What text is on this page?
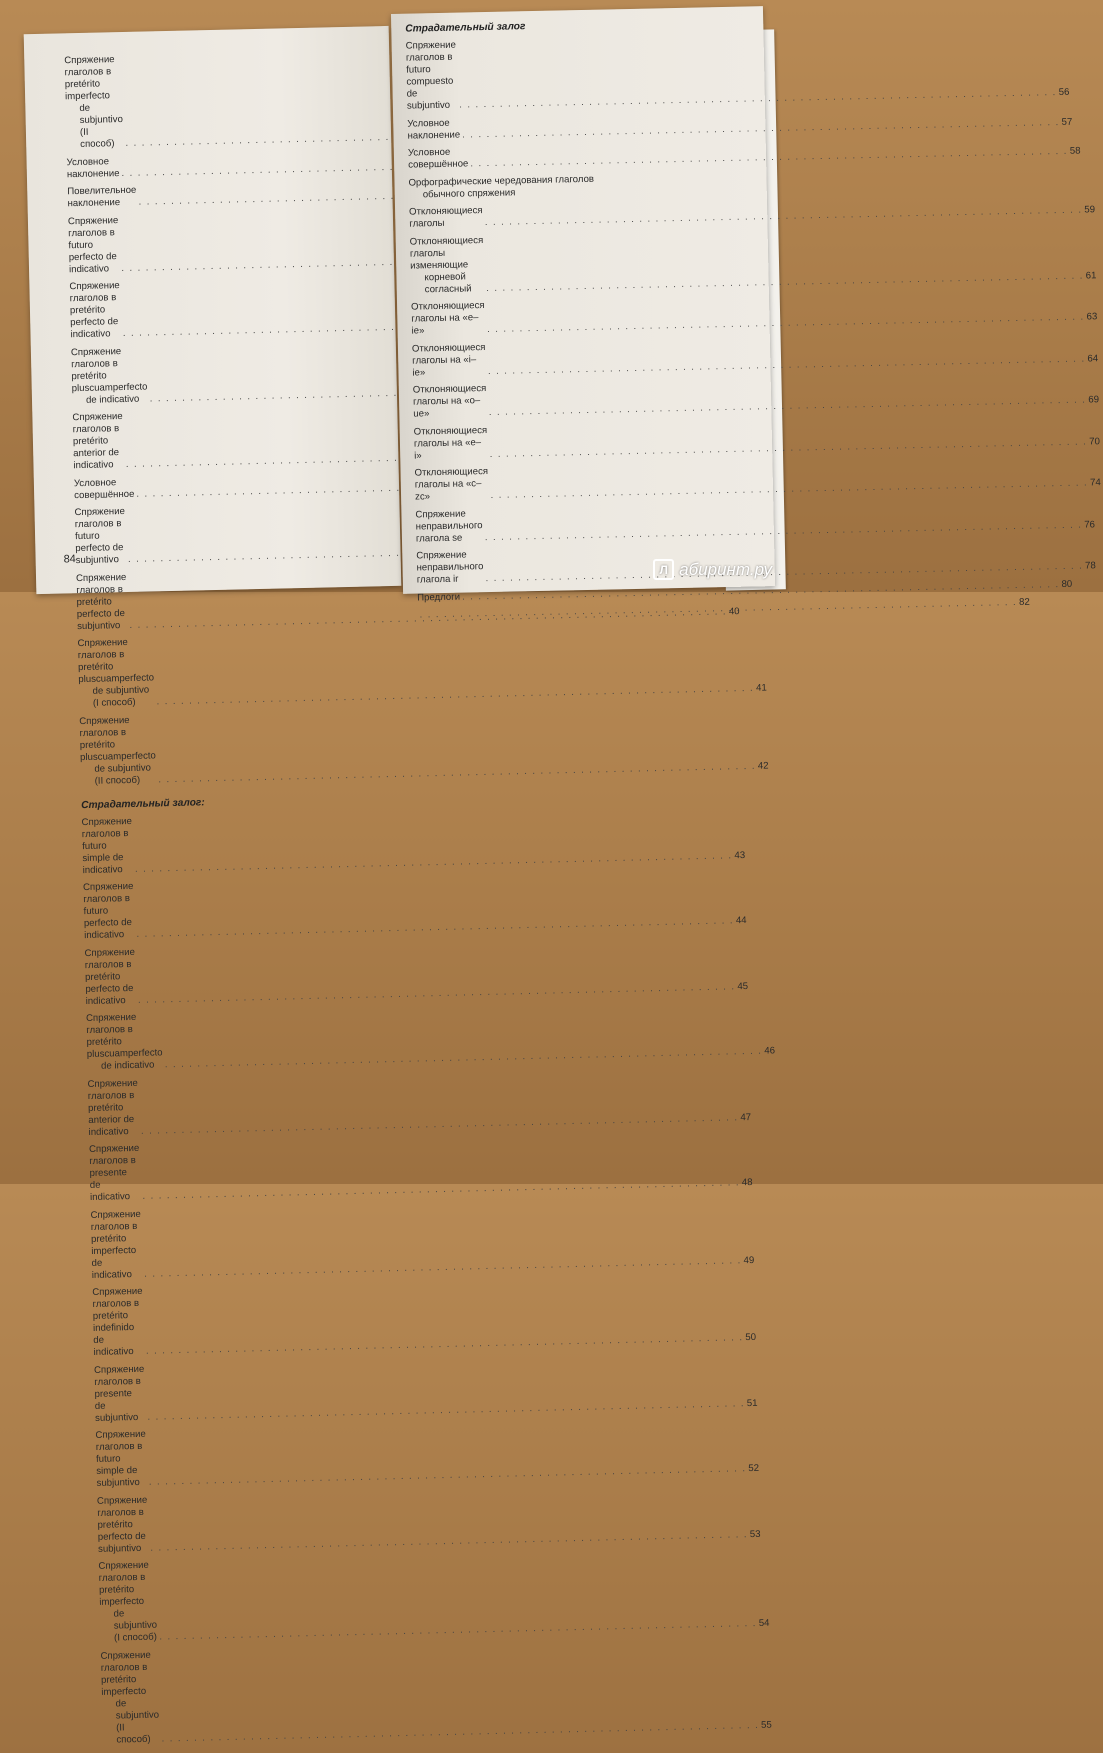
Спряжение глаголов в pretérito imperfecto
de subjuntivo (II способ)
. . .
Условное наклонение
. . .
Повелительное наклонение
. . .
Спряжение глаголов в futuro perfecto de indicativo
. . .
Спряжение глаголов в pretérito perfecto de indicativo
. . .
Спряжение глаголов в pretérito pluscuamperfecto
de indicativo
. . .
Спряжение глаголов в pretérito anterior de indicativo
. . .
Условное совершённое
. . .
Спряжение глаголов в futuro perfecto de subjuntivo
. . .
Спряжение глаголов в pretérito perfecto de subjuntivo
. . .
40
Спряжение глаголов в pretérito pluscuamperfecto
de subjuntivo (I способ)
. . .
41
Спряжение глаголов в pretérito pluscuamperfecto
de subjuntivo (II способ)
. . .
42
Страдательный залог:
Спряжение глаголов в futuro simple de indicativo
. . .
43
Спряжение глаголов в futuro perfecto de indicativo
. . .
44
Спряжение глаголов в pretérito perfecto de indicativo
. . .
45
Спряжение глаголов в pretérito pluscuamperfecto
de indicativo
. . .
46
Спряжение глаголов в pretérito anterior de indicativo
. . .
47
Спряжение глаголов в presente de indicativo
. . .
48
Спряжение глаголов в pretérito imperfecto de indicativo
. . .
49
Спряжение глаголов в pretérito indefinido de indicativo
. . .
50
Спряжение глаголов в presente de subjuntivo
. . .
51
Спряжение глаголов в futuro simple de subjuntivo
. . .
52
Спряжение глаголов в pretérito perfecto de subjuntivo
. . .
53
Спряжение глаголов в pretérito imperfecto
de subjuntivo (I способ)
. . .
54
Спряжение глаголов в pretérito imperfecto
de subjuntivo (II способ)
. . .
55
84
Страдательный залог
Спряжение глаголов в futuro compuesto de subjuntivo
. . .
56
Условное наклонение
. . .
57
Условное совершённое
. . .
58
Орфографические чередования глаголов
обычного спряжения
Отклоняющиеся глаголы
. . .
59
Отклоняющиеся глаголы изменяющие
корневой согласный
. . .
61
Отклоняющиеся глаголы на «e–ie»
. . .
63
Отклоняющиеся глаголы на «i–ie»
. . .
64
Отклоняющиеся глаголы на «o–ue»
. . .
69
Отклоняющиеся глаголы на «e–i»
. . .
70
Отклоняющиеся глаголы на «c–zc»
. . .
74
Спряжение неправильного глагола se
. . .
76
Спряжение неправильного глагола ir
. . .
78
Предлоги
. . .
80
. . .
82
Л абиринт.ру
